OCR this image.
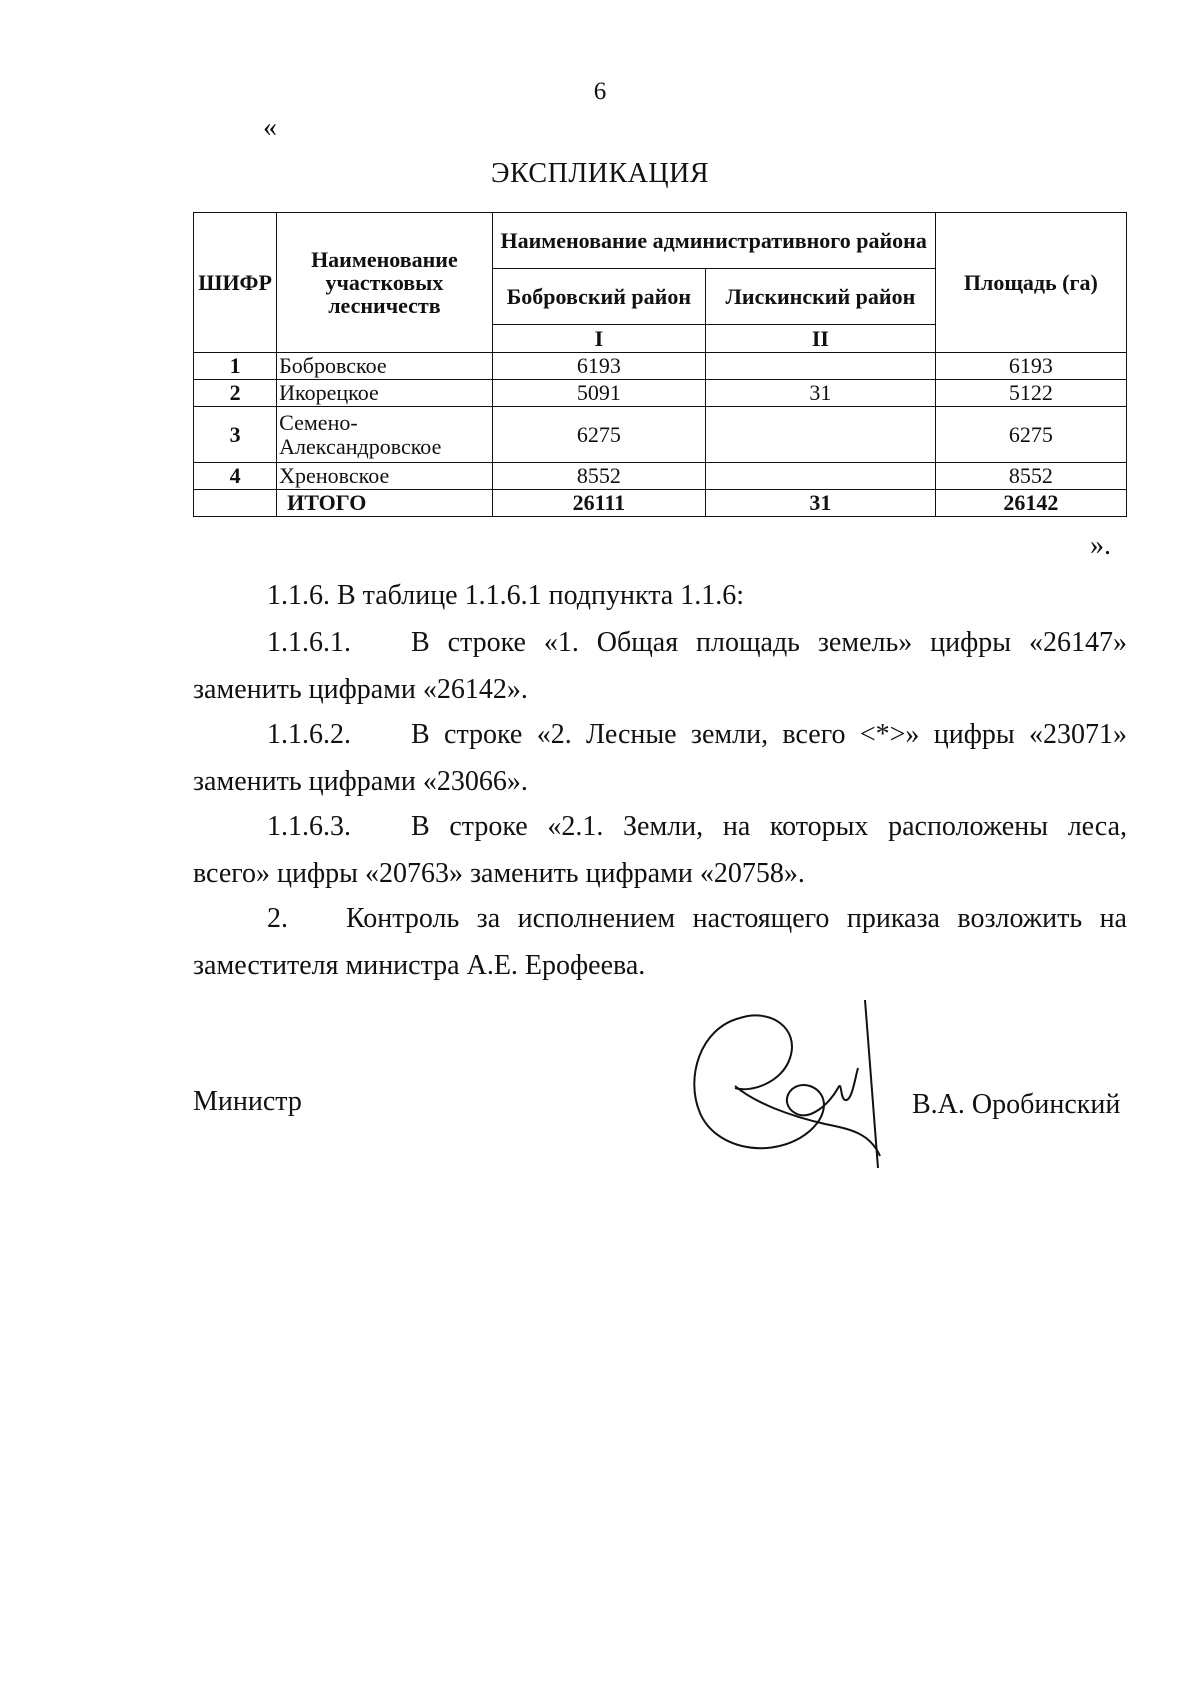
6
«
ЭКСПЛИКАЦИЯ
ШИФР	Наименование участковых лесничеств	Наименование административного района		Площадь (га)
		Бобровский район	Лискинский район	
		I	II	
1	Бобровское	6193		6193
2	Икорецкое	5091	31	5122
3	Семено-Александровское	6275		6275
4	Хреновское	8552		8552
	ИТОГО	26111	31	26142
».
1.1.6. В таблице 1.1.6.1 подпункта 1.1.6:
1.1.6.1. В строке «1. Общая площадь земель» цифры «26147»
заменить цифрами «26142».
1.1.6.2. В строке «2. Лесные земли, всего <*>» цифры «23071»
заменить цифрами «23066».
1.1.6.3. В строке «2.1. Земли, на которых расположены леса,
всего» цифры «20763» заменить цифрами «20758».
2. Контроль за исполнением настоящего приказа возложить на
заместителя министра А.Е. Ерофеева.
Министр	В.А. Оробинский
